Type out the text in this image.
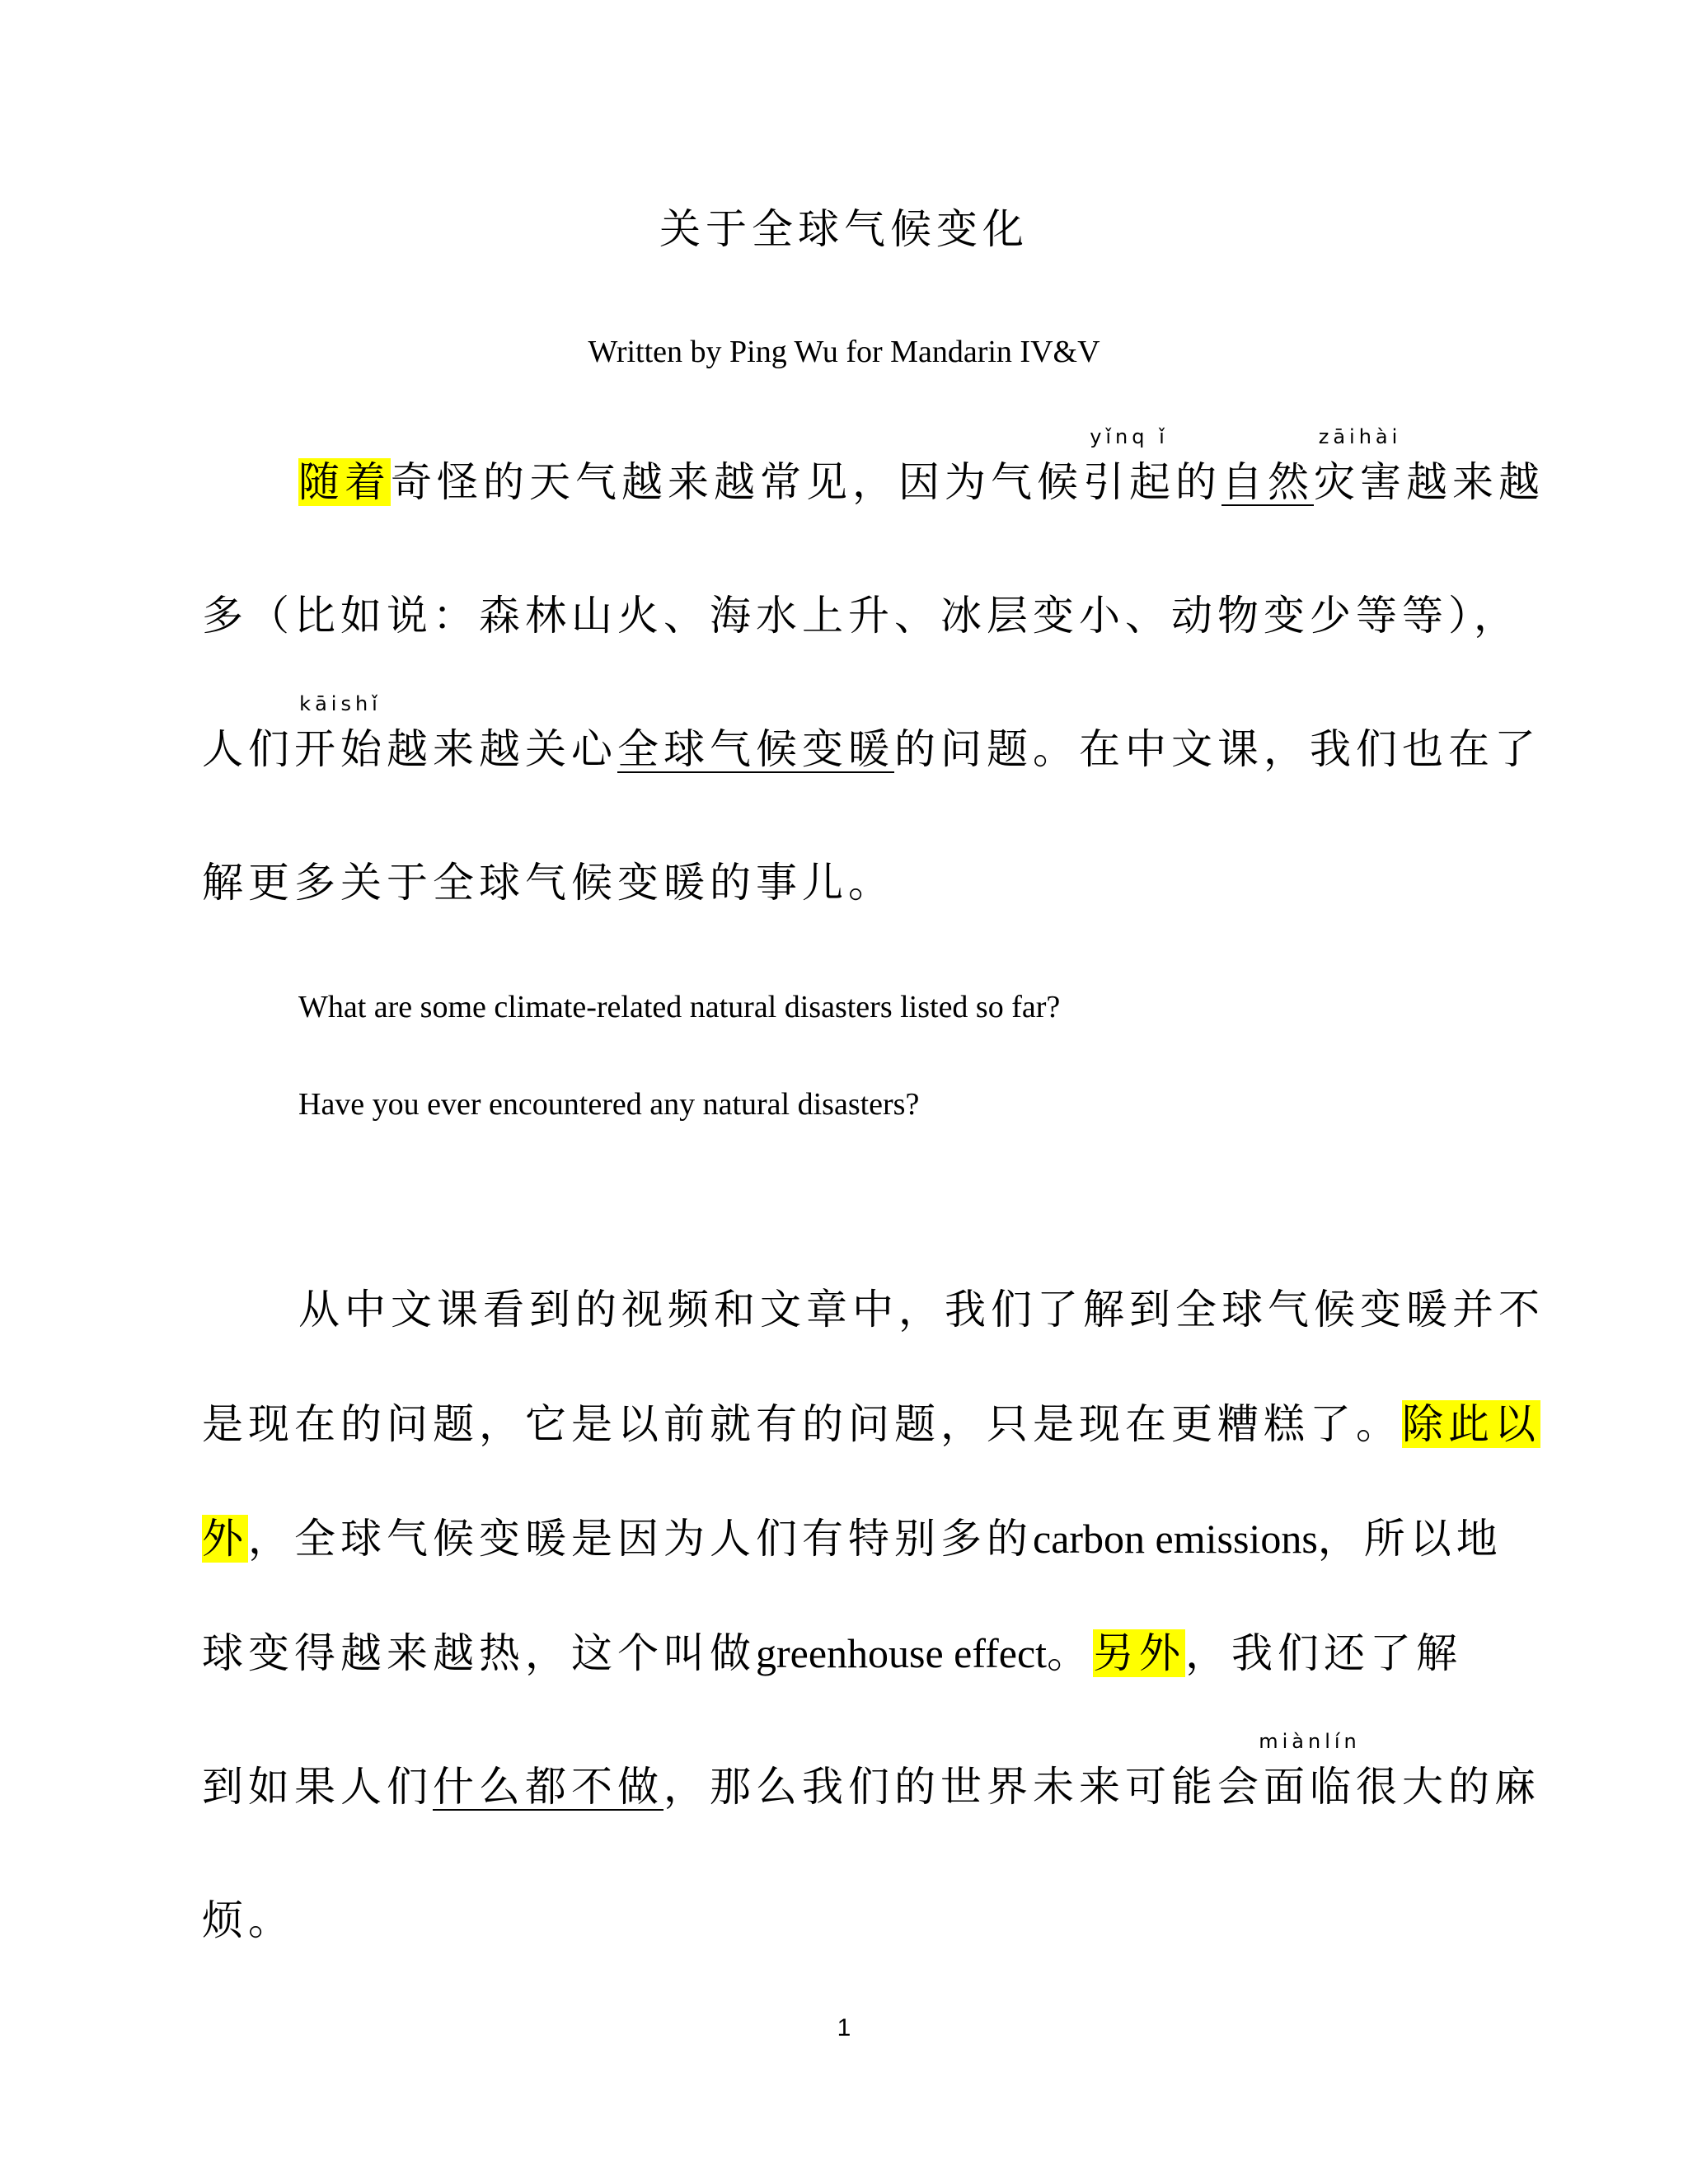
关于全球气候变化
Written by Ping Wu for Mandarin IV&V
随着奇怪的天气越来越常见，因为气候
yǐnq ǐ
引起的自然
zāihài
灾害越来越
多（比如说：森林山火、海水上升、冰层变小、动物变少等等），
人们
kāishǐ
开始越来越关心全球气候变暖的问题。在中文课，我们也在了
解更多关于全球气候变暖的事儿。
What are some climate-related natural disasters listed so far?
Have you ever encountered any natural disasters?
从中文课看到的视频和文章中，我们了解到全球气候变暖并不
是现在的问题，它是以前就有的问题，只是现在更糟糕了。除此以
外，全球气候变暖是因为人们有特别多的carbon emissions，所以地
球变得越来越热，这个叫做greenhouse effect。另外，我们还了解
到如果人们什么都不做，那么我们的世界未来可能会
miànlín
面临很大的麻
烦。
1
